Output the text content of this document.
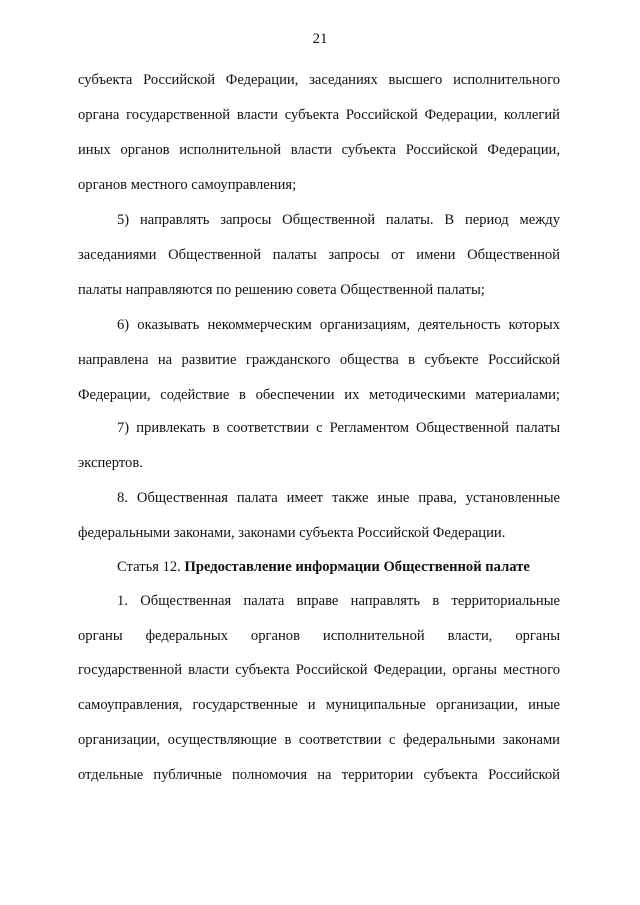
21
субъекта Российской Федерации, заседаниях высшего исполнительного
органа государственной власти субъекта Российской Федерации, коллегий
иных органов исполнительной власти субъекта Российской Федерации,
органов местного самоуправления;
5) направлять запросы Общественной палаты. В период между
заседаниями Общественной палаты запросы от имени Общественной
палаты направляются по решению совета Общественной палаты;
6) оказывать некоммерческим организациям, деятельность которых
направлена на развитие гражданского общества в субъекте Российской
Федерации, содействие в обеспечении их методическими материалами;
7) привлекать в соответствии с Регламентом Общественной палаты
экспертов.
8. Общественная палата имеет также иные права, установленные
федеральными законами, законами субъекта Российской Федерации.
Статья 12. Предоставление информации Общественной палате
1. Общественная палата вправе направлять в территориальные
органы федеральных органов исполнительной власти, органы
государственной власти субъекта Российской Федерации, органы местного
самоуправления, государственные и муниципальные организации, иные
организации, осуществляющие в соответствии с федеральными законами
отдельные публичные полномочия на территории субъекта Российской
